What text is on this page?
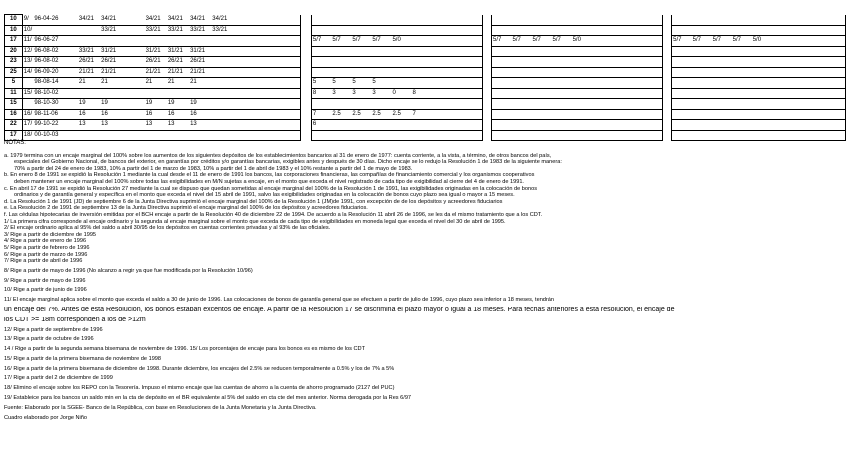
10	9/	96-04-26	34/21	34/21		34/21	34/21	34/21	34/21																															
10	10/			33/21		33/21	33/21	33/21	33/21																															
17	11/	96-06-27										5/7	5/7	5/7	5/7	5/0						5/7	5/7	5/7	5/7	5/0						5/7	5/7	5/7	5/7	5/0				
20	12/	96-08-02	33/21	31/21		31/21	31/21	31/21																																
23	13/	96-08-02	26/21	26/21		26/21	26/21	26/21																																
25	14/	96-09-20	21/21	21/21		21/21	21/21	21/21																																
5		98-08-14	21	21		21	21	21				5	5	5	5																									
11	15/	98-10-02										8	3	3	3	0	8																							
15		98-10-30	19	19		19	19	19																																
16	16/	98-11-06	16	16		16	16	16				7	2.5	2.5	2.5	2.5	7																							
22	17/	99-10-22	13	13		13	13	13				6																												
17	18/	00-10-03																																						
NOTAS:

a. 1979 termina con un encaje marginal del 100% sobre los aumentos de los siguientes depósitos de los establecimientos bancarios al 31 de enero de 1977: cuenta corriente, a la vista, a término, de otros bancos del país,

especiales del Gobierno Nacional, de bancos del exterior, en garantías por créditos y/o garantías bancarias, exigibles antes y después de 30 días. Dicho encaje se lo redujo la Resolución 1 de 1983 de la siguiente manera:

70% a partir del 24 de enero de 1983, 10% a partir del 1 de marzo de 1983, 10% a partir del 1 de abril de 1983 y el 10% restante a partir del 1 de mayo de 1983.

b. En enero 8 de 1991 se expidió la Resolución 1 mediante la cual desde el 11 de enero de 1991 los bancos, las corporaciones financieras, las compañías de financiamiento comercial y los organismos cooperativos

deben mantener un encaje marginal del 100% sobre todas las exigibilidades en M/N sujetas a encaje, en el monto que exceda el nivel registrado de cada tipo de exigibilidad al cierre del 4 de enero de 1991.

c. En abril 17 de 1991 se expidió la Resolución 27 mediante la cual se dispuso que quedan sometidas al encaje marginal del 100% de la Resolución 1 de 1991, las exigibilidades originadas en la colocación de bonos

ordinarios y de garantía general y específica en el monto que exceda el nivel del 15 abril de 1991, salvo las exigibilidades originadas en la colocación de bonos cuyo plazo sea igual o mayor a 15 meses.

d. La Resolución 1 de 1991 (JD) de septiembre 6 de la Junta Directiva suprimió el encaje marginal del 100% de la Resolución 1 (JM)de 1991, con excepción de de los depósitos y acreedores fiduciarios

e. La Resolución 2 de 1991 de septiembre 13 de la Junta Directiva suprimió el encaje marginal del 100% de los depósitos y acreedores fiduciarios.

f. Las cédulas hipotecarias de inversión emitidas por el BCH encaje a partir de la Resolución 40 de diciembre 22 de 1994. De acuerdo a la Resolución 11 abril 26 de 1996, se les da el mismo tratamiento que a los CDT.

1/ La primera cifra corresponde al encaje ordinario y la segunda al encaje marginal sobre el monto que exceda de cada tipo de exigibilidades en moneda legal que exceda el nivel del 30 de abril de 1995.

2/ El encaje ordinario aplica al 95% del saldo a abril 30/95 de los depósitos en cuentas corrientes privadas y al 93% de las oficiales.

3/ Rige a partir de diciembre de 1995

4/ Rige a partir de enero de 1996

5/ Rige a partir de febrero de 1996

6/ Rige a partir de marzo de 1996

7/ Rige a partir de abril de 1996

8/ Rige a partir de mayo de 1996 (No alcanzo a regir ya que fue modificada por la Resolución 10/96)

9/ Rige a partir de mayo de 1996

10/ Rige a partir de junio de 1996

11/ El encaje marginal aplica sobre el monto que exceda el saldo a 30 de junio de 1996. Las colocaciones de bonos de garantía general que se efectuen a partir de julio de 1996, cuyo plazo sea inferior a 18 meses, tendrán

un encaje del 7%. Antes de esta Resolución, los bonos estaban excentos de encaje. A partir de la Resolución 17 se discrimina el plazo mayor o igual a 18 meses. Para fechas anteriores a esta resolución, el encaje de

los CDT >= 18m corresponden a los de >12m

12/ Rige a partir de septiembre de 1996

13/ Rige a partir de octubre de 1996

14 / Rige a partir de la segunda semana bisemana de noviembre de 1996. 15/ Los porcentajes de encaje para los bonos es es mismo de los CDT

15/ Rige a partir de la primera bisemana de noviembre de 1998

16/ Rige a partir de la primera bisemana de diciembre de 1998. Durante diciembre, los encajes del 2.5% se reducen temporalmente a 0.5% y los de 7% a 5%

17/ Rige a partir del 2 de diciembre de 1999

18/ Elimino el encaje sobre los REPO con la Tesorería. Impuso el mismo encaje que las cuentas de ahorro a la cuenta de ahorro programado (2127 del PUC)

19/ Estableice para los bancos un saldo min en la cta de depósito en el BR equivalente al 5% del saldo en cta cte del mes anterior. Norma derogada por la Res 6/97

Fuente: Elaborado por la SGEE- Banco de la República, con base en Resoluciones de la Junta Monetaria y la Junta Directiva.

Cuadro elaborado por Jorge Niño
